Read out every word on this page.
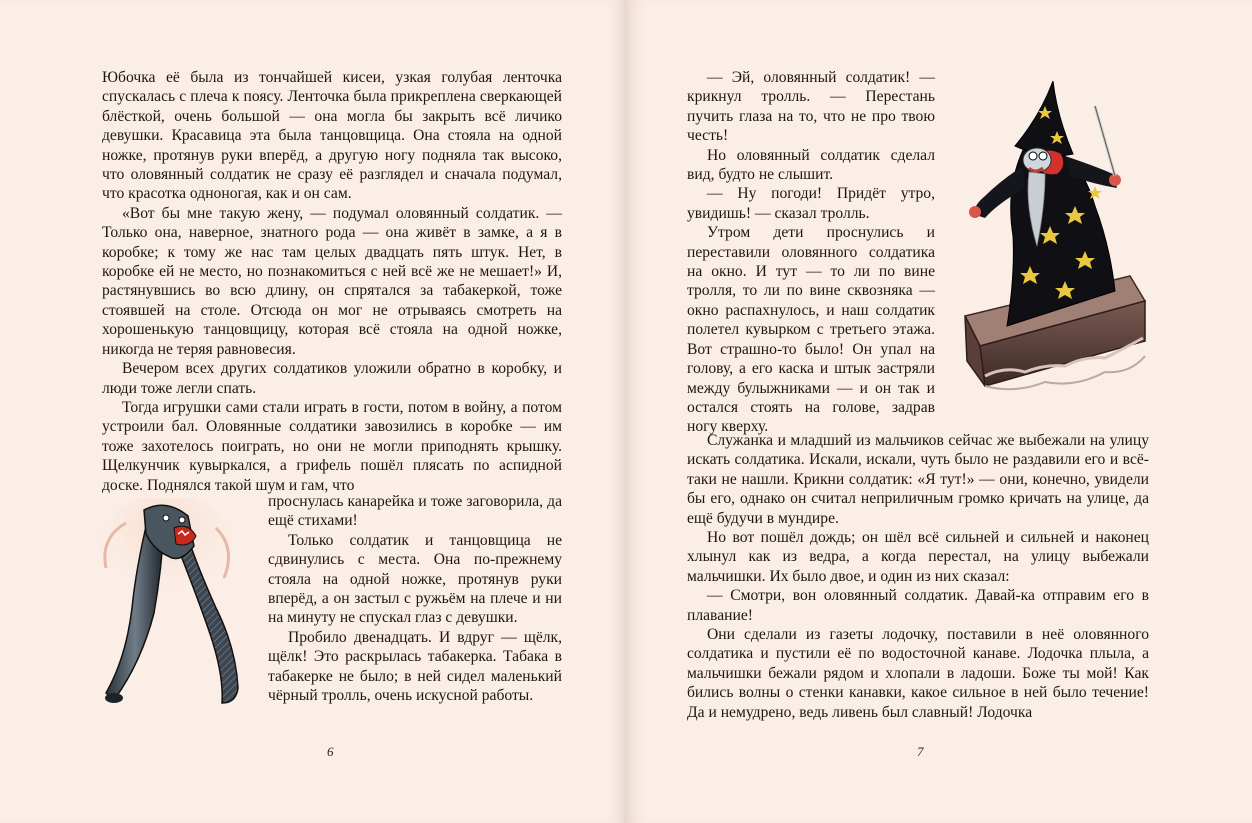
Юбочка её была из тончайшей кисеи, узкая голубая ленточка спускалась с плеча к поясу. Ленточка была прикреплена сверкающей блёсткой, очень большой — она могла бы закрыть всё личико девушки. Красавица эта была танцовщица. Она стояла на одной ножке, протянув руки вперёд, а другую ногу подняла так высоко, что оловянный солдатик не сразу её разглядел и сначала подумал, что красотка одноногая, как и он сам.

«Вот бы мне такую жену, — подумал оловянный солдатик. — Только она, наверное, знатного рода — она живёт в замке, а я в коробке; к тому же нас там целых двадцать пять штук. Нет, в коробке ей не место, но познакомиться с ней всё же не мешает!» И, растянувшись во всю длину, он спрятался за табакеркой, тоже стоявшей на столе. Отсюда он мог не отрываясь смотреть на хорошенькую танцовщицу, которая всё стояла на одной ножке, никогда не теряя равновесия.

Вечером всех других солдатиков уложили обратно в коробку, и люди тоже легли спать.

Тогда игрушки сами стали играть в гости, потом в войну, а потом устроили бал. Оловянные солдатики завозились в коробке — им тоже захотелось поиграть, но они не могли приподнять крышку. Щелкунчик кувыркался, а грифель пошёл плясать по аспидной доске. Поднялся такой шум и гам, что

проснулась канарейка и тоже заговорила, да ещё стихами!

Только солдатик и танцовщица не сдвинулись с места. Она по-прежнему стояла на одной ножке, протянув руки вперёд, а он застыл с ружьём на плече и ни на минуту не спускал глаз с девушки.

Пробило двенадцать. И вдруг — щёлк, щёлк! Это раскрылась табакерка. Табака в табакерке не было; в ней сидел маленький чёрный тролль, очень искусной работы.

6

— Эй, оловянный солдатик! — крикнул тролль. — Перестань пучить глаза на то, что не про твою честь!

Но оловянный солдатик сделал вид, будто не слышит.

— Ну погоди! Придёт утро, увидишь! — сказал тролль.

Утром дети проснулись и переставили оловянного солдатика на окно. И тут — то ли по вине тролля, то ли по вине сквозняка — окно распахнулось, и наш солдатик полетел кувырком с третьего этажа. Вот страшно-то было! Он упал на голову, а его каска и штык застряли между булыжниками — и он так и остался стоять на голове, задрав ногу кверху.

Служанка и младший из мальчиков сейчас же выбежали на улицу искать солдатика. Искали, искали, чуть было не раздавили его и всё-таки не нашли. Крикни солдатик: «Я тут!» — они, конечно, увидели бы его, однако он считал неприличным громко кричать на улице, да ещё будучи в мундире.

Но вот пошёл дождь; он шёл всё сильней и сильней и наконец хлынул как из ведра, а когда перестал, на улицу выбежали мальчишки. Их было двое, и один из них сказал:

— Смотри, вон оловянный солдатик. Давай-ка отправим его в плавание!

Они сделали из газеты лодочку, поставили в неё оловянного солдатика и пустили её по водосточной канаве. Лодочка плыла, а мальчишки бежали рядом и хлопали в ладоши. Боже ты мой! Как бились волны о стенки канавки, какое сильное в ней было течение! Да и немудрено, ведь ливень был славный! Лодочка

7
